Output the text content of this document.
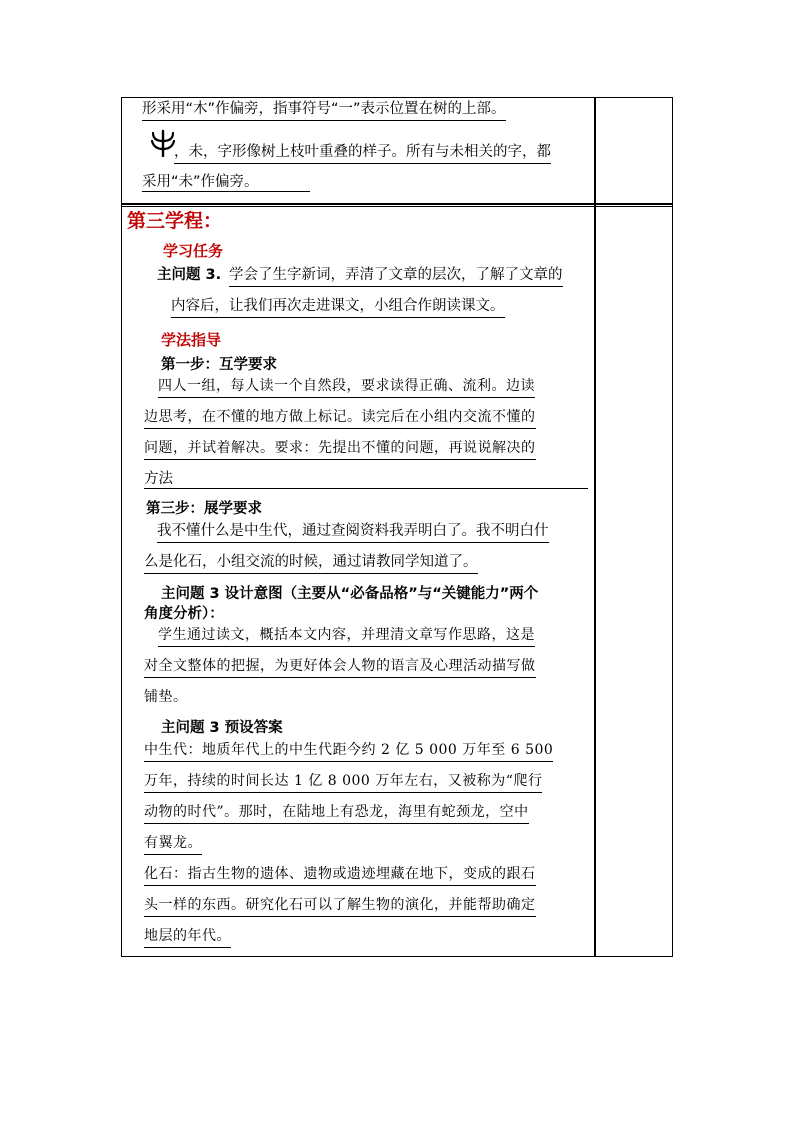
形采用“木”作偏旁，指事符号“一”表示位置在树的上部。
，未，字形像树上枝叶重叠的样子。所有与未相关的字，都
采用“未”作偏旁。
第三学程：
学习任务
主问题 3. 学会了生字新词，弄清了文章的层次，了解了文章的
内容后，让我们再次走进课文，小组合作朗读课文。
学法指导
第一步：互学要求
四人一组，每人读一个自然段，要求读得正确、流利。边读
边思考，在不懂的地方做上标记。读完后在小组内交流不懂的
问题，并试着解决。要求：先提出不懂的问题，再说说解决的
方法
第三步：展学要求
我不懂什么是中生代，通过查阅资料我弄明白了。我不明白什
么是化石，小组交流的时候，通过请教同学知道了。
主问题 3 设计意图（主要从“必备品格”与“关键能力”两个
角度分析）：
学生通过读文，概括本文内容，并理清文章写作思路，这是
对全文整体的把握，为更好体会人物的语言及心理活动描写做
铺垫。
主问题 3 预设答案
中生代：地质年代上的中生代距今约 2 亿 5 000 万年至 6 500
万年，持续的时间长达 1 亿 8 000 万年左右，又被称为“爬行
动物的时代”。那时，在陆地上有恐龙，海里有蛇颈龙，空中
有翼龙。
化石：指古生物的遗体、遗物或遗迹埋藏在地下，变成的跟石
头一样的东西。研究化石可以了解生物的演化，并能帮助确定
地层的年代。
